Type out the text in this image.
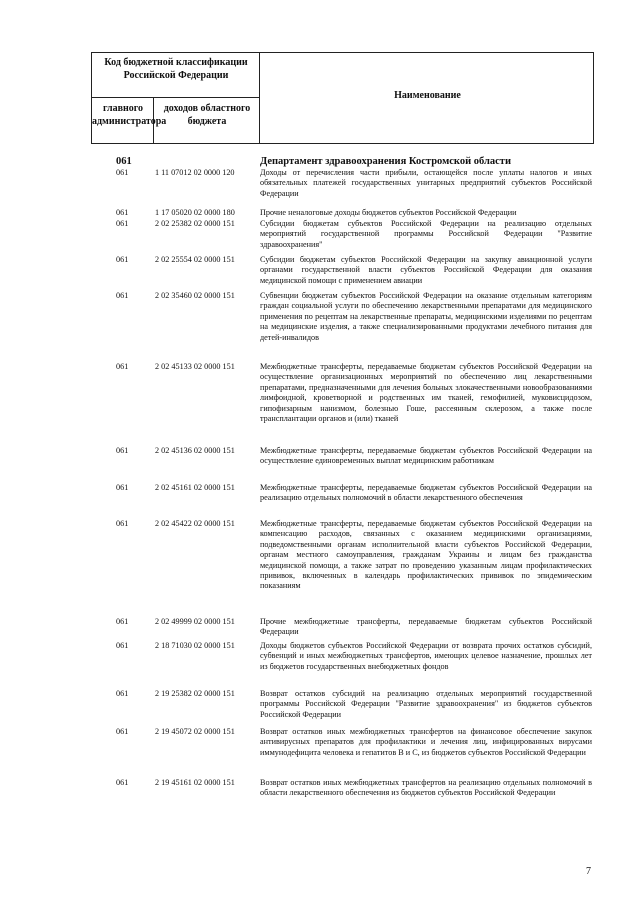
Код бюджетной классификации Российской Федерации
главного администратора
доходов областного бюджета
Наименование
061	Департамент здравоохранения Костромской области
061	1 11 07012 02 0000 120	Доходы от перечисления части прибыли, остающейся после уплаты налогов и иных обязательных платежей государственных унитарных предприятий субъектов Российской Федерации
061	1 17 05020 02 0000 180	Прочие неналоговые доходы бюджетов субъектов Российской Федерации
061	2 02 25382 02 0000 151	Субсидии бюджетам субъектов Российской Федерации на реализацию отдельных мероприятий государственной программы Российской Федерации "Развитие здравоохранения"
061	2 02 25554 02 0000 151	Субсидии бюджетам субъектов Российской Федерации на закупку авиационной услуги органами государственной власти субъектов Российской Федерации для оказания медицинской помощи с применением авиации
061	2 02 35460 02 0000 151	Субвенции бюджетам субъектов Российской Федерации на оказание отдельным категориям граждан социальной услуги по обеспечению лекарственными препаратами для медицинского применения по рецептам на лекарственные препараты, медицинскими изделиями по рецептам на медицинские изделия, а также специализированными продуктами лечебного питания для детей-инвалидов
061	2 02 45133 02 0000 151	Межбюджетные трансферты, передаваемые бюджетам субъектов Российской Федерации на осуществление организационных мероприятий по обеспечению лиц лекарственными препаратами, предназначенными для лечения больных злокачественными новообразованиями лимфоидной, кроветворной и родственных им тканей, гемофилией, муковисцидозом, гипофизарным нанизмом, болезнью Гоше, рассеянным склерозом, а также после трансплантации органов и (или) тканей
061	2 02 45136 02 0000 151	Межбюджетные трансферты, передаваемые бюджетам субъектов Российской Федерации на осуществление единовременных выплат медицинским работникам
061	2 02 45161 02 0000 151	Межбюджетные трансферты, передаваемые бюджетам субъектов Российской Федерации на реализацию отдельных полномочий в области лекарственного обеспечения
061	2 02 45422 02 0000 151	Межбюджетные трансферты, передаваемые бюджетам субъектов Российской Федерации на компенсацию расходов, связанных с оказанием медицинскими организациями, подведомственными органам исполнительной власти субъектов Российской Федерации, органам местного самоуправления, гражданам Украины и лицам без гражданства медицинской помощи, а также затрат по проведению указанным лицам профилактических прививок, включенных в календарь профилактических прививок по эпидемическим показаниям
061	2 02 49999 02 0000 151	Прочие межбюджетные трансферты, передаваемые бюджетам субъектов Российской Федерации
061	2 18 71030 02 0000 151	Доходы бюджетов субъектов Российской Федерации от возврата прочих остатков субсидий, субвенций и иных межбюджетных трансфертов, имеющих целевое назначение, прошлых лет из бюджетов государственных внебюджетных фондов
061	2 19 25382 02 0000 151	Возврат остатков субсидий на реализацию отдельных мероприятий государственной программы Российской Федерации "Развитие здравоохранения" из бюджетов субъектов Российской Федерации
061	2 19 45072 02 0000 151	Возврат остатков иных межбюджетных трансфертов на финансовое обеспечение закупок антивирусных препаратов для профилактики и лечения лиц, инфицированных вирусами иммунодефицита человека и гепатитов В и С, из бюджетов субъектов Российской Федерации
061	2 19 45161 02 0000 151	Возврат остатков иных межбюджетных трансфертов на реализацию отдельных полномочий в области лекарственного обеспечения из бюджетов субъектов Российской Федерации
7
